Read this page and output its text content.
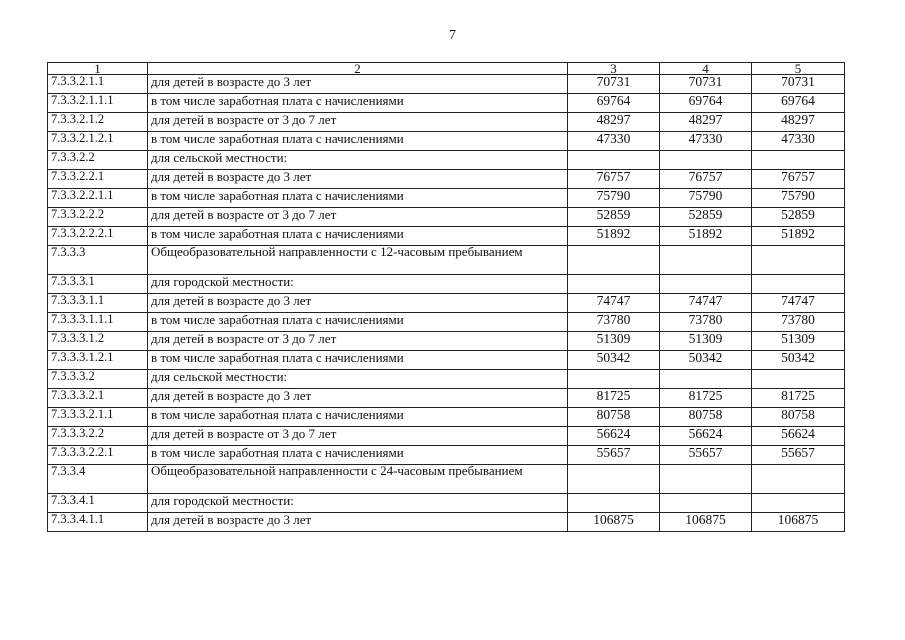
7
1	2	3	4	5
7.3.3.2.1.1	для детей в возрасте до 3 лет	70731	70731	70731
7.3.3.2.1.1.1	в том числе заработная плата с начислениями	69764	69764	69764
7.3.3.2.1.2	для детей в возрасте от 3 до 7 лет	48297	48297	48297
7.3.3.2.1.2.1	в том числе заработная плата с начислениями	47330	47330	47330
7.3.3.2.2	для сельской местности:			
7.3.3.2.2.1	для детей в возрасте до 3 лет	76757	76757	76757
7.3.3.2.2.1.1	в том числе заработная плата с начислениями	75790	75790	75790
7.3.3.2.2.2	для детей в возрасте от 3 до 7 лет	52859	52859	52859
7.3.3.2.2.2.1	в том числе заработная плата с начислениями	51892	51892	51892
7.3.3.3	Общеобразовательной направленности с 12-часовым пребыванием			
7.3.3.3.1	для городской местности:			
7.3.3.3.1.1	для детей в возрасте до 3 лет	74747	74747	74747
7.3.3.3.1.1.1	в том числе заработная плата с начислениями	73780	73780	73780
7.3.3.3.1.2	для детей в возрасте от 3 до 7 лет	51309	51309	51309
7.3.3.3.1.2.1	в том числе заработная плата с начислениями	50342	50342	50342
7.3.3.3.2	для сельской местности:			
7.3.3.3.2.1	для детей в возрасте до 3 лет	81725	81725	81725
7.3.3.3.2.1.1	в том числе заработная плата с начислениями	80758	80758	80758
7.3.3.3.2.2	для детей в возрасте от 3 до 7 лет	56624	56624	56624
7.3.3.3.2.2.1	в том числе заработная плата с начислениями	55657	55657	55657
7.3.3.4	Общеобразовательной направленности с 24-часовым пребыванием			
7.3.3.4.1	для городской местности:			
7.3.3.4.1.1	для детей в возрасте до 3 лет	106875	106875	106875
